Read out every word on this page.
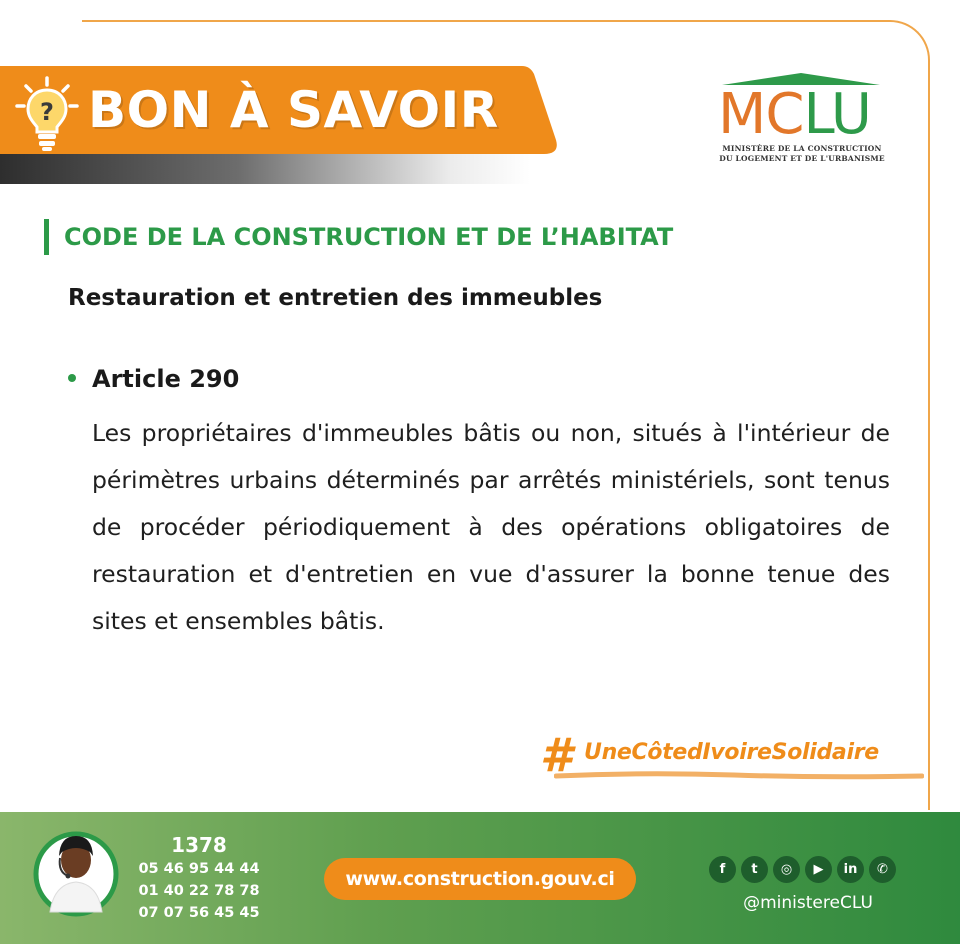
? BON À SAVOIR	MCLU
MINISTÈRE DE LA CONSTRUCTION
DU LOGEMENT ET DE L'URBANISME
CODE DE LA CONSTRUCTION ET DE L’HABITAT
Restauration et entretien des immeubles
Article 290
Les propriétaires d'immeubles bâtis ou non, situés à l'intérieur de périmètres urbains déterminés par arrêtés ministériels, sont tenus de procéder périodiquement à des opérations obligatoires de restauration et d'entretien en vue d'assurer la bonne tenue des sites et ensembles bâtis.
# UneCôtedIvoireSolidaire
1378
05 46 95 44 44
01 40 22 78 78
07 07 56 45 45
www.construction.gouv.ci	f	t	◎	▶	in	✆
@ministereCLU
